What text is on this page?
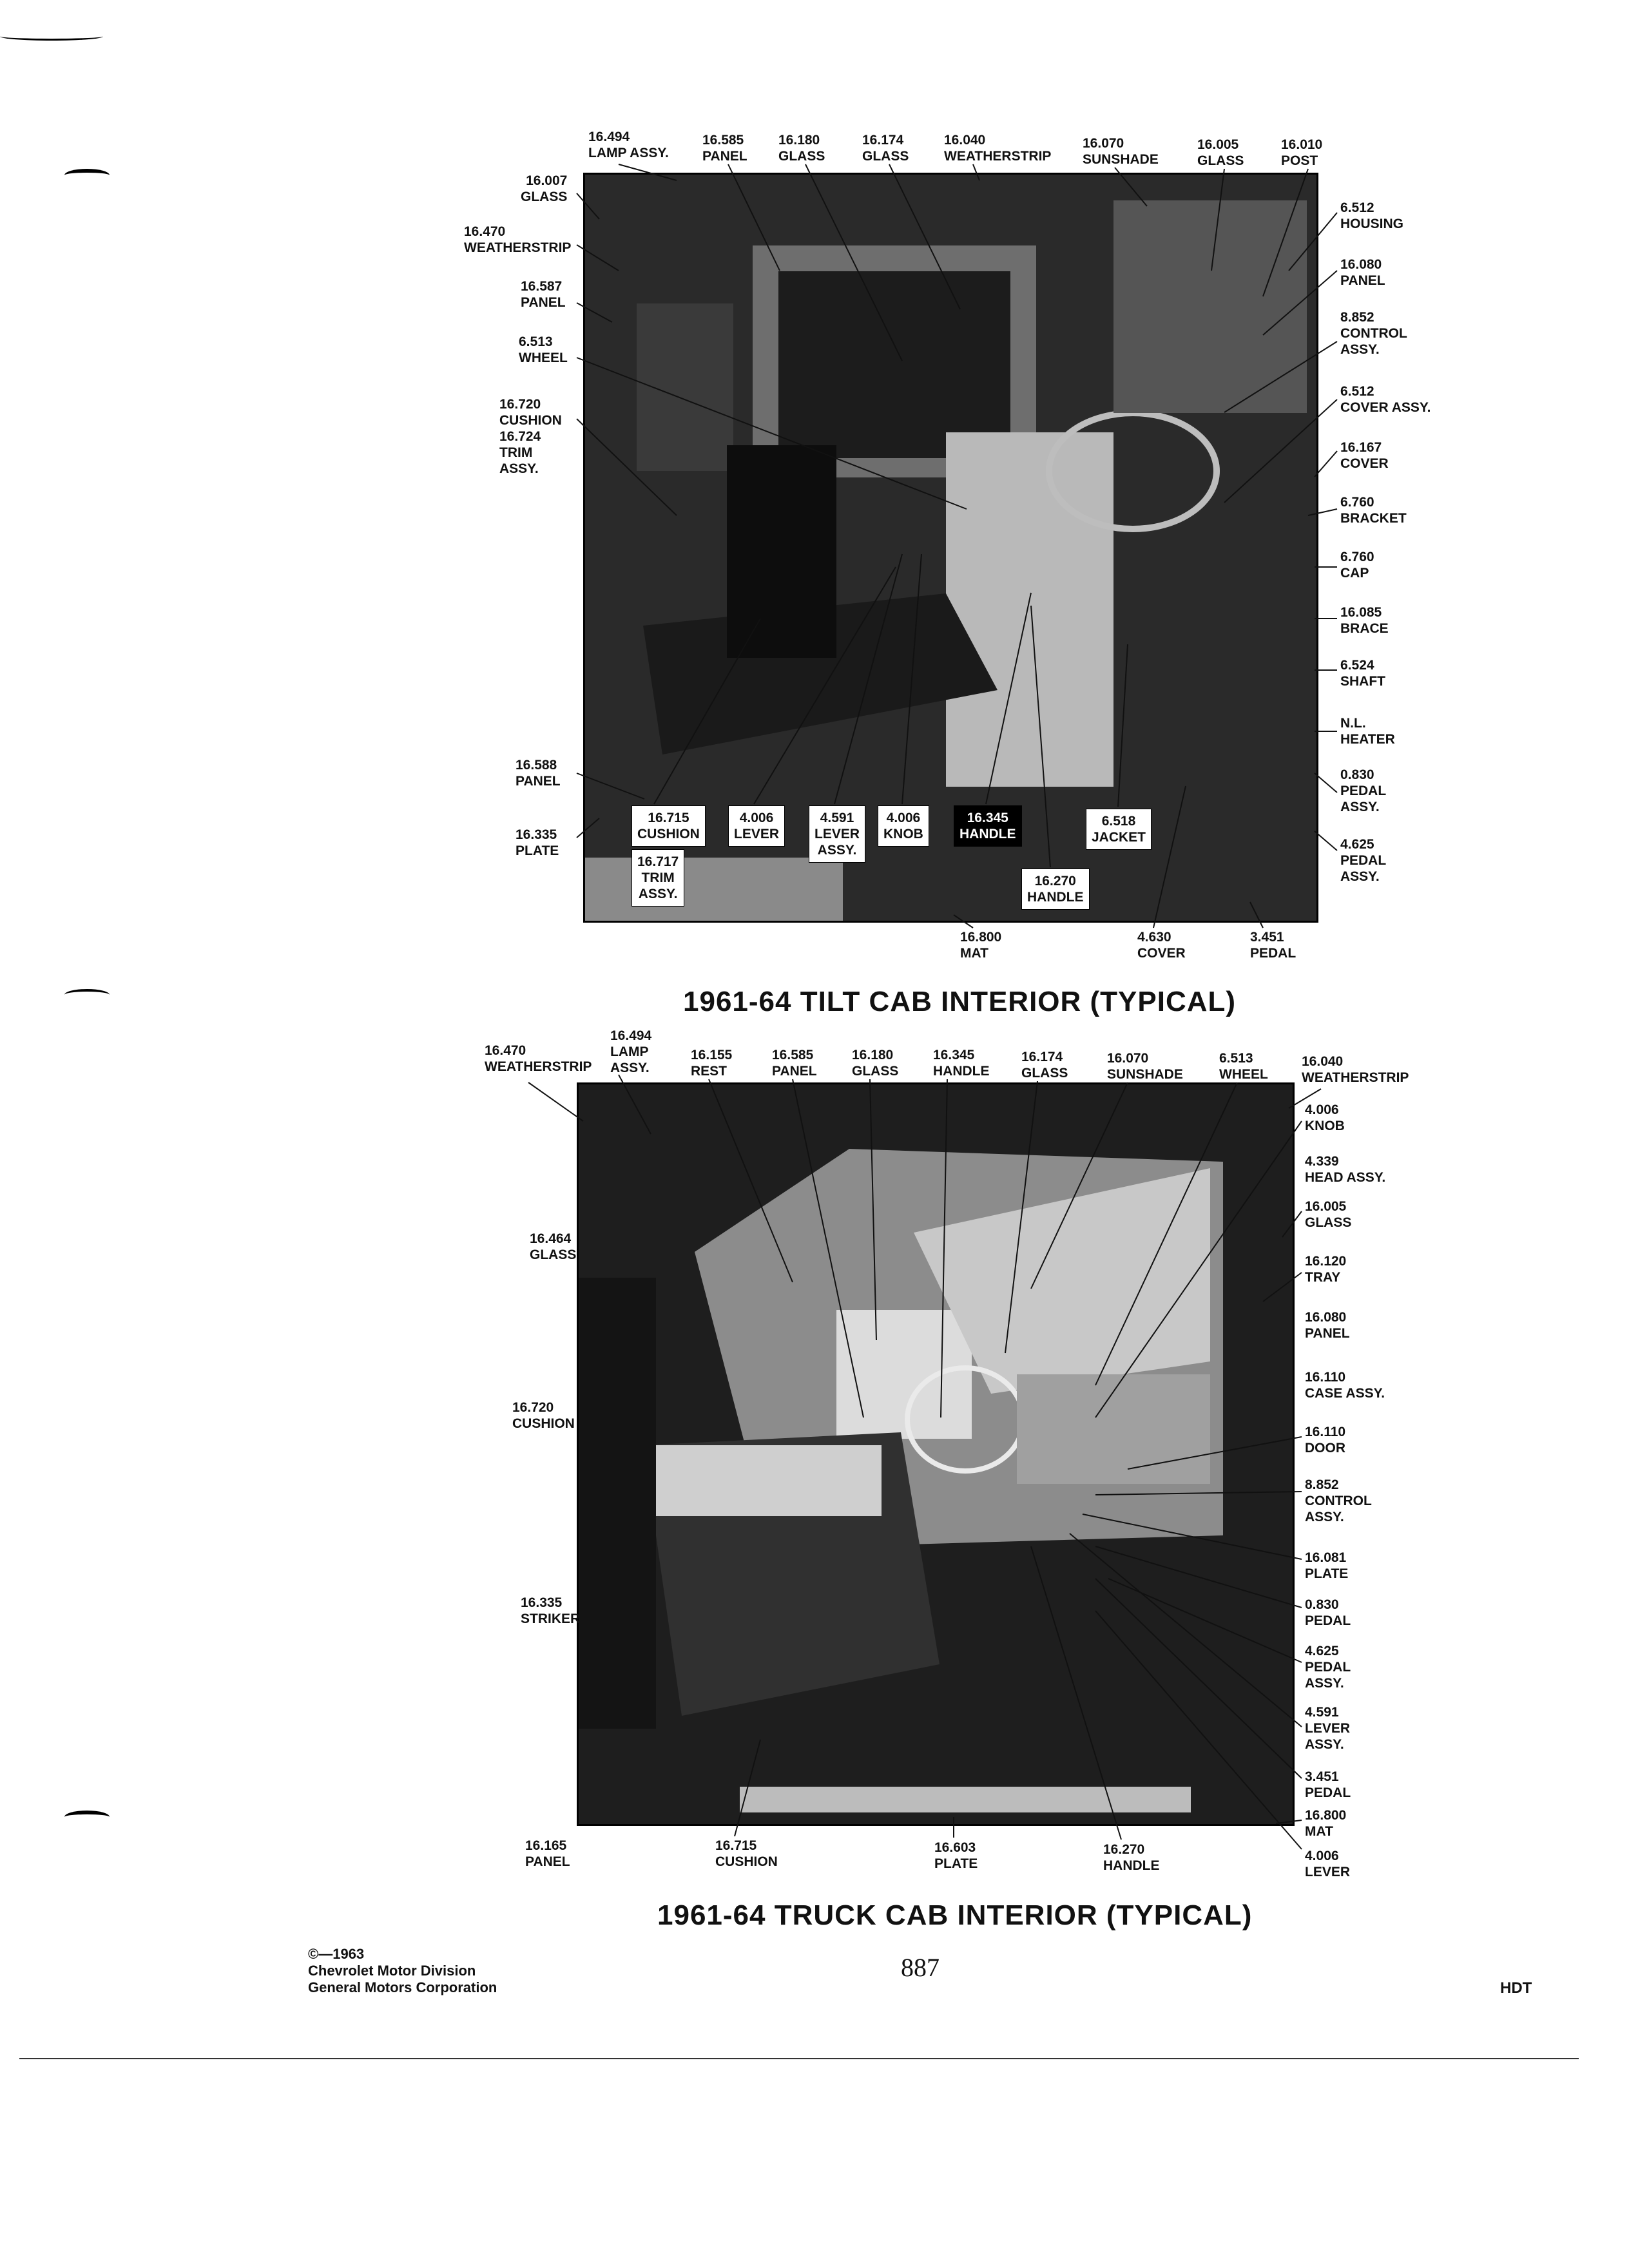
16.494
LAMP ASSY.
16.585
PANEL
16.180
GLASS
16.174
GLASS
16.040
WEATHERSTRIP
16.070
SUNSHADE
16.005
GLASS
16.010
POST
16.007
GLASS
16.470
WEATHERSTRIP
16.587
PANEL
6.513
WHEEL
16.720
CUSHION
16.724
TRIM
ASSY.
16.588
PANEL
16.335
PLATE
6.512
HOUSING
16.080
PANEL
8.852
CONTROL
ASSY.
6.512
COVER ASSY.
16.167
COVER
6.760
BRACKET
6.760
CAP
16.085
BRACE
6.524
SHAFT
N.L.
HEATER
0.830
PEDAL
ASSY.
4.625
PEDAL
ASSY.
16.715
CUSHION
16.717
TRIM
ASSY.
4.006
LEVER
4.591
LEVER
ASSY.
4.006
KNOB
16.345
HANDLE
6.518
JACKET
16.270
HANDLE
16.800
MAT
4.630
COVER
3.451
PEDAL
1961-64 TILT CAB INTERIOR (TYPICAL)
16.470
WEATHERSTRIP
16.494
LAMP
ASSY.
16.155
REST
16.585
PANEL
16.180
GLASS
16.345
HANDLE
16.174
GLASS
16.070
SUNSHADE
6.513
WHEEL
16.040
WEATHERSTRIP
16.464
GLASS
16.720
CUSHION
16.335
STRIKER
16.165
PANEL
4.006
KNOB
4.339
HEAD ASSY.
16.005
GLASS
16.120
TRAY
16.080
PANEL
16.110
CASE ASSY.
16.110
DOOR
8.852
CONTROL
ASSY.
16.081
PLATE
0.830
PEDAL
4.625
PEDAL
ASSY.
4.591
LEVER
ASSY.
3.451
PEDAL
16.800
MAT
4.006
LEVER
16.715
CUSHION
16.603
PLATE
16.270
HANDLE
1961-64 TRUCK CAB INTERIOR (TYPICAL)
©—1963
Chevrolet Motor Division
General Motors Corporation
887
HDT
